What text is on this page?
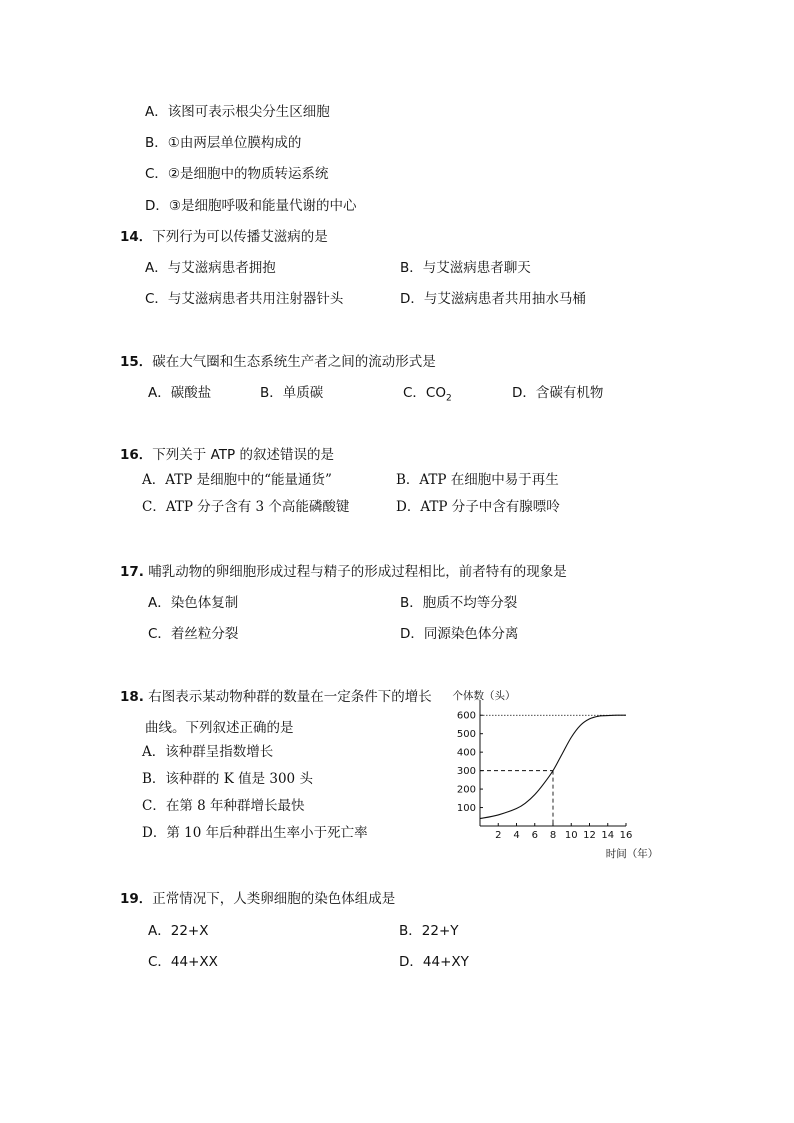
A．该图可表示根尖分生区细胞
B．①由两层单位膜构成的
C．②是细胞中的物质转运系统
D．③是细胞呼吸和能量代谢的中心
14．下列行为可以传播艾滋病的是
A．与艾滋病患者拥抱	B．与艾滋病患者聊天
C．与艾滋病患者共用注射器针头	D．与艾滋病患者共用抽水马桶
15．碳在大气圈和生态系统生产者之间的流动形式是
A．碳酸盐	B．单质碳	C．$CO_2$	D．含碳有机物
16．下列关于 ATP 的叙述错误的是
A．ATP 是细胞中的“能量通货”	B．ATP 在细胞中易于再生
C．ATP 分子含有 3 个高能磷酸键	D．ATP 分子中含有腺嘌呤
17. 哺乳动物的卵细胞形成过程与精子的形成过程相比，前者特有的现象是
A．染色体复制	B．胞质不均等分裂
C．着丝粒分裂	D．同源染色体分离
18. 右图表示某动物种群的数量在一定条件下的增长
曲线。下列叙述正确的是
A．该种群呈指数增长
B．该种群的 K 值是 300 头
C．在第 8 年种群增长最快
D．第 10 年后种群出生率小于死亡率
100
200
300
400
500
600
2 4 6 8 10 12 14 16
个体数（头）
时间（年）
19．正常情况下，人类卵细胞的染色体组成是
A．22+X	B．22+Y
C．44+XX	D．44+XY
